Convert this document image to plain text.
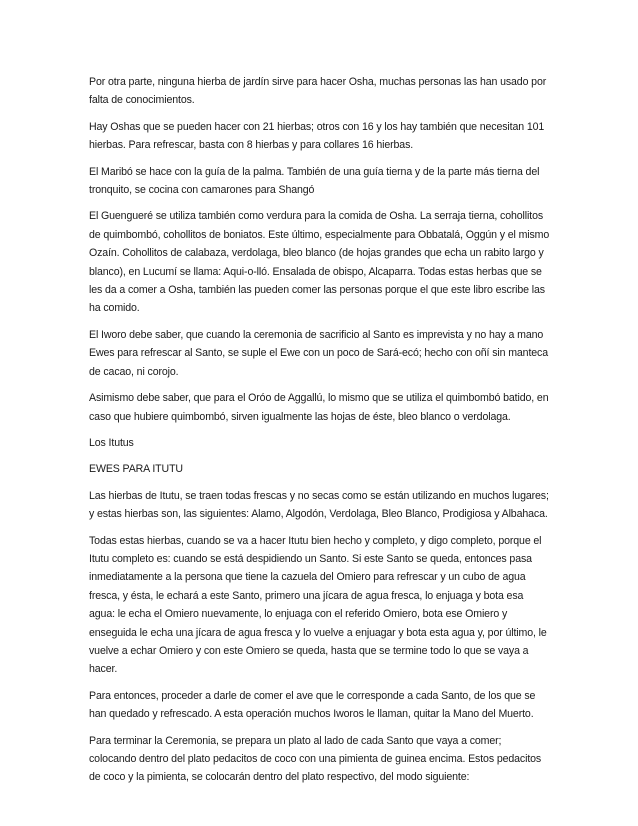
Por otra parte, ninguna hierba de jardín sirve para hacer Osha, muchas personas las han usado por falta de conocimientos.

Hay Oshas que se pueden hacer con 21 hierbas; otros con 16 y los hay también que necesitan 101 hierbas. Para refrescar, basta con 8 hierbas y para collares 16 hierbas.

El Maribó se hace con la guía de la palma. También de una guía tierna y de la parte más tierna del tronquito, se cocina con camarones para Shangó

El Guengueré se utiliza también como verdura para la comida de Osha. La serraja tierna, cohollitos de quimbombó, cohollitos de boniatos. Este último, especialmente para Obbatalá, Oggún y el mismo Ozaín. Cohollitos de calabaza, verdolaga, bleo blanco (de hojas grandes que echa un rabito largo y blanco), en Lucumí se llama: Aqui-o-lló. Ensalada de obispo, Alcaparra. Todas estas herbas que se les da a comer a Osha, también las pueden comer las personas porque el que este libro escribe las ha comido.

El Iworo debe saber, que cuando la ceremonia de sacrificio al Santo es imprevista y no hay a mano Ewes para refrescar al Santo, se suple el Ewe con un poco de Sará-ecó; hecho con oñí sin manteca de cacao, ni corojo.

Asimismo debe saber, que para el Oróo de Aggallú, lo mismo que se utiliza el quimbombó batido, en caso que hubiere quimbombó, sirven igualmente las hojas de éste, bleo blanco o verdolaga.

Los Itutus

EWES PARA ITUTU

Las hierbas de Itutu, se traen todas frescas y no secas como se están utilizando en muchos lugares; y estas hierbas son, las siguientes: Alamo, Algodón, Verdolaga, Bleo Blanco, Prodigiosa y Albahaca.

Todas estas hierbas, cuando se va a hacer Itutu bien hecho y completo, y digo completo, porque el Itutu completo es: cuando se está despidiendo un Santo. Si este Santo se queda, entonces pasa inmediatamente a la persona que tiene la cazuela del Omiero para refrescar y un cubo de agua fresca, y ésta, le echará a este Santo, primero una jícara de agua fresca, lo enjuaga y bota esa agua: le echa el Omiero nuevamente, lo enjuaga con el referido Omiero, bota ese Omiero y enseguida le echa una jícara de agua fresca y lo vuelve a enjuagar y bota esta agua y, por último, le vuelve a echar Omiero y con este Omiero se queda, hasta que se termine todo lo que se vaya a hacer.

Para entonces, proceder a darle de comer el ave que le corresponde a cada Santo, de los que se han quedado y refrescado. A esta operación muchos Iworos le llaman, quitar la Mano del Muerto.

Para terminar la Ceremonia, se prepara un plato al lado de cada Santo que vaya a comer; colocando dentro del plato pedacitos de coco con una pimienta de guinea encima. Estos pedacitos de coco y la pimienta, se colocarán dentro del plato respectivo, del modo siguiente:
